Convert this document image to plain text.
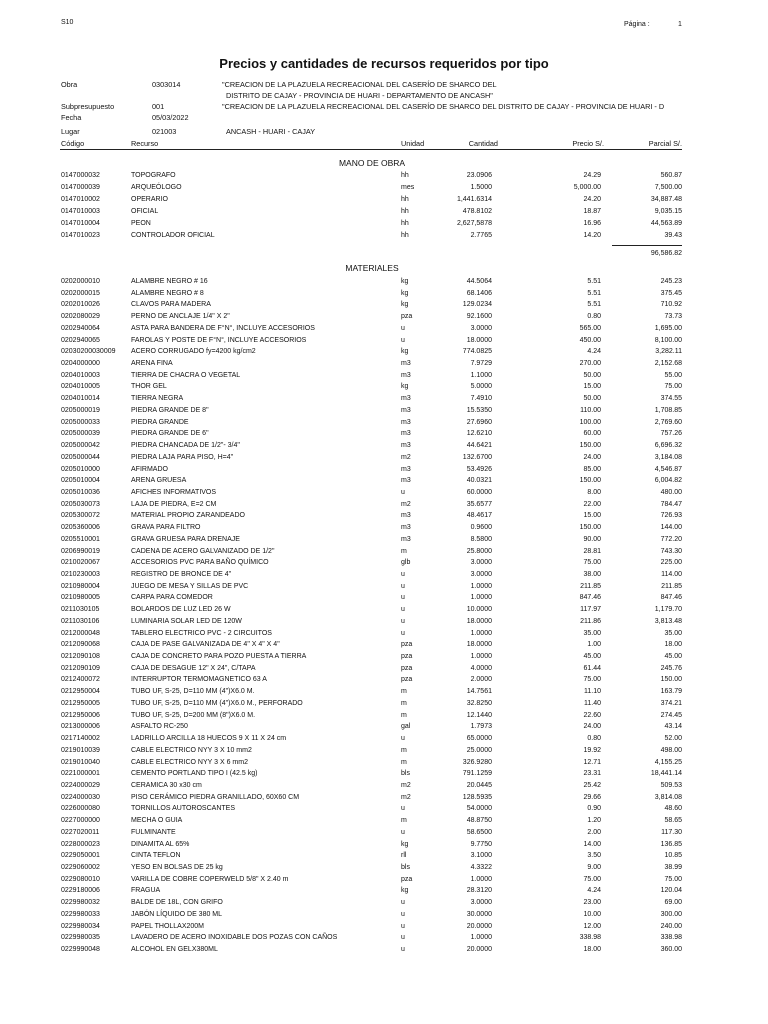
S10	Página :	1
Precios y cantidades de recursos requeridos por tipo
Obra	0303014	"CREACION DE LA PLAZUELA RECREACIONAL DEL CASERÍO DE SHARCO DEL
DISTRITO DE CAJAY - PROVINCIA DE HUARI - DEPARTAMENTO DE ANCASH"
Subpresupuesto	001	"CREACION DE LA PLAZUELA RECREACIONAL DEL CASERÍO DE SHARCO DEL DISTRITO DE CAJAY - PROVINCIA DE HUARI - D
Fecha	05/03/2022
Lugar	021003	ANCASH - HUARI - CAJAY
Código	Recurso	Unidad	Cantidad	Precio S/.	Parcial S/.
MANO DE OBRA
0147000032	TOPOGRAFO	hh	23.0906	24.29	560.87
0147000039	ARQUEÓLOGO	mes	1.5000	5,000.00	7,500.00
0147010002	OPERARIO	hh	1,441.6314	24.20	34,887.48
0147010003	OFICIAL	hh	478.8102	18.87	9,035.15
0147010004	PEON	hh	2,627,5878	16.96	44,563.89
0147010023	CONTROLADOR OFICIAL	hh	2.7765	14.20	39.43
96,586.82
MATERIALES
0202000010	ALAMBRE NEGRO # 16	kg	44.5064	5.51	245.23
0202000015	ALAMBRE NEGRO # 8	kg	68.1406	5.51	375.45
0202010026	CLAVOS PARA MADERA	kg	129.0234	5.51	710.92
0202080029	PERNO DE ANCLAJE 1/4" X 2"	pza	92.1600	0.80	73.73
0202940064	ASTA PARA BANDERA DE F°N°, INCLUYE ACCESORIOS	u	3.0000	565.00	1,695.00
0202940065	FAROLAS Y POSTE DE F°N°, INCLUYE ACCESORIOS	u	18.0000	450.00	8,100.00
02030200030009 ACERO CORRUGADO fy=4200 kg/cm2	kg	774.0825	4.24	3,282.11
0204000000	ARENA FINA	m3	7.9729	270.00	2,152.68
0204010003	TIERRA DE CHACRA O VEGETAL	m3	1.1000	50.00	55.00
0204010005	THOR GEL	kg	5.0000	15.00	75.00
0204010014	TIERRA NEGRA	m3	7.4910	50.00	374.55
0205000019	PIEDRA GRANDE DE 8"	m3	15.5350	110.00	1,708.85
0205000033	PIEDRA GRANDE	m3	27.6960	100.00	2,769.60
0205000039	PIEDRA GRANDE DE 6"	m3	12.6210	60.00	757.26
0205000042	PIEDRA CHANCADA DE 1/2"- 3/4"	m3	44.6421	150.00	6,696.32
0205000044	PIEDRA LAJA PARA PISO, H=4"	m2	132.6700	24.00	3,184.08
0205010000	AFIRMADO	m3	53.4926	85.00	4,546.87
0205010004	ARENA GRUESA	m3	40.0321	150.00	6,004.82
0205010036	AFICHES INFORMATIVOS	u	60.0000	8.00	480.00
0205030073	LAJA DE PIEDRA, E=2 CM	m2	35.6577	22.00	784.47
0205300072	MATERIAL PROPIO ZARANDEADO	m3	48.4617	15.00	726.93
0205360006	GRAVA PARA FILTRO	m3	0.9600	150.00	144.00
0205510001	GRAVA GRUESA PARA DRENAJE	m3	8.5800	90.00	772.20
0206990019	CADENA DE ACERO GALVANIZADO DE 1/2"	m	25.8000	28.81	743.30
0210020067	ACCESORIOS PVC PARA BAÑO QUÍMICO	glb	3.0000	75.00	225.00
0210230003	REGISTRO DE BRONCE DE 4"	u	3.0000	38.00	114.00
0210980004	JUEGO DE MESA Y SILLAS DE PVC	u	1.0000	211.85	211.85
0210980005	CARPA PARA COMEDOR	u	1.0000	847.46	847.46
0211030105	BOLARDOS DE LUZ LED 26 W	u	10.0000	117.97	1,179.70
0211030106	LUMINARIA SOLAR LED DE 120W	u	18.0000	211.86	3,813.48
0212000048	TABLERO ELECTRICO PVC - 2 CIRCUITOS	u	1.0000	35.00	35.00
0212090068	CAJA DE PASE GALVANIZADA DE 4" X 4" X 4"	pza	18.0000	1.00	18.00
0212090108	CAJA DE CONCRETO PARA POZO PUESTA A TIERRA	pza	1.0000	45.00	45.00
0212090109	CAJA DE DESAGUE 12" X 24", C/TAPA	pza	4.0000	61.44	245.76
0212400072	INTERRUPTOR TERMOMAGNETICO 63 A	pza	2.0000	75.00	150.00
0212950004	TUBO UF, S-25, D=110 MM (4")X6.0 M.	m	14.7561	11.10	163.79
0212950005	TUBO UF, S-25, D=110 MM (4")X6.0 M., PERFORADO	m	32.8250	11.40	374.21
0212950006	TUBO UF, S-25, D=200 MM (8")X6.0 M.	m	12.1440	22.60	274.45
0213000006	ASFALTO RC-250	gal	1.7973	24.00	43.14
0217140002	LADRILLO ARCILLA 18 HUECOS 9 X 11 X 24 cm	u	65.0000	0.80	52.00
0219010039	CABLE ELECTRICO NYY 3 X 10 mm2	m	25.0000	19.92	498.00
0219010040	CABLE ELECTRICO NYY 3 X 6 mm2	m	326.9280	12.71	4,155.25
0221000001	CEMENTO PORTLAND TIPO I (42.5 kg)	bls	791.1259	23.31	18,441.14
0224000029	CERAMICA 30 x30 cm	m2	20.0445	25.42	509.53
0224000030	PISO CERÁMICO PIEDRA GRANILLADO, 60X60 CM	m2	128.5935	29.66	3,814.08
0226000080	TORNILLOS AUTOROSCANTES	u	54.0000	0.90	48.60
0227000000	MECHA O GUIA	m	48.8750	1.20	58.65
0227020011	FULMINANTE	u	58.6500	2.00	117.30
0228000023	DINAMITA AL 65%	kg	9.7750	14.00	136.85
0229050001	CINTA TEFLON	rll	3.1000	3.50	10.85
0229060002	YESO EN BOLSAS DE 25 kg	bls	4.3322	9.00	38.99
0229080010	VARILLA DE COBRE COPERWELD 5/8" X 2.40 m	pza	1.0000	75.00	75.00
0229180006	FRAGUA	kg	28.3120	4.24	120.04
0229980032	BALDE DE 18L, CON GRIFO	u	3.0000	23.00	69.00
0229980033	JABÓN LÍQUIDO DE 380 ML	u	30.0000	10.00	300.00
0229980034	PAPEL THOLLAX200M	u	20.0000	12.00	240.00
0229980035	LAVADERO DE ACERO INOXIDABLE DOS POZAS CON CAÑOS	u	1.0000	338.98	338.98
0229990048	ALCOHOL EN GELX380ML	u	20.0000	18.00	360.00
